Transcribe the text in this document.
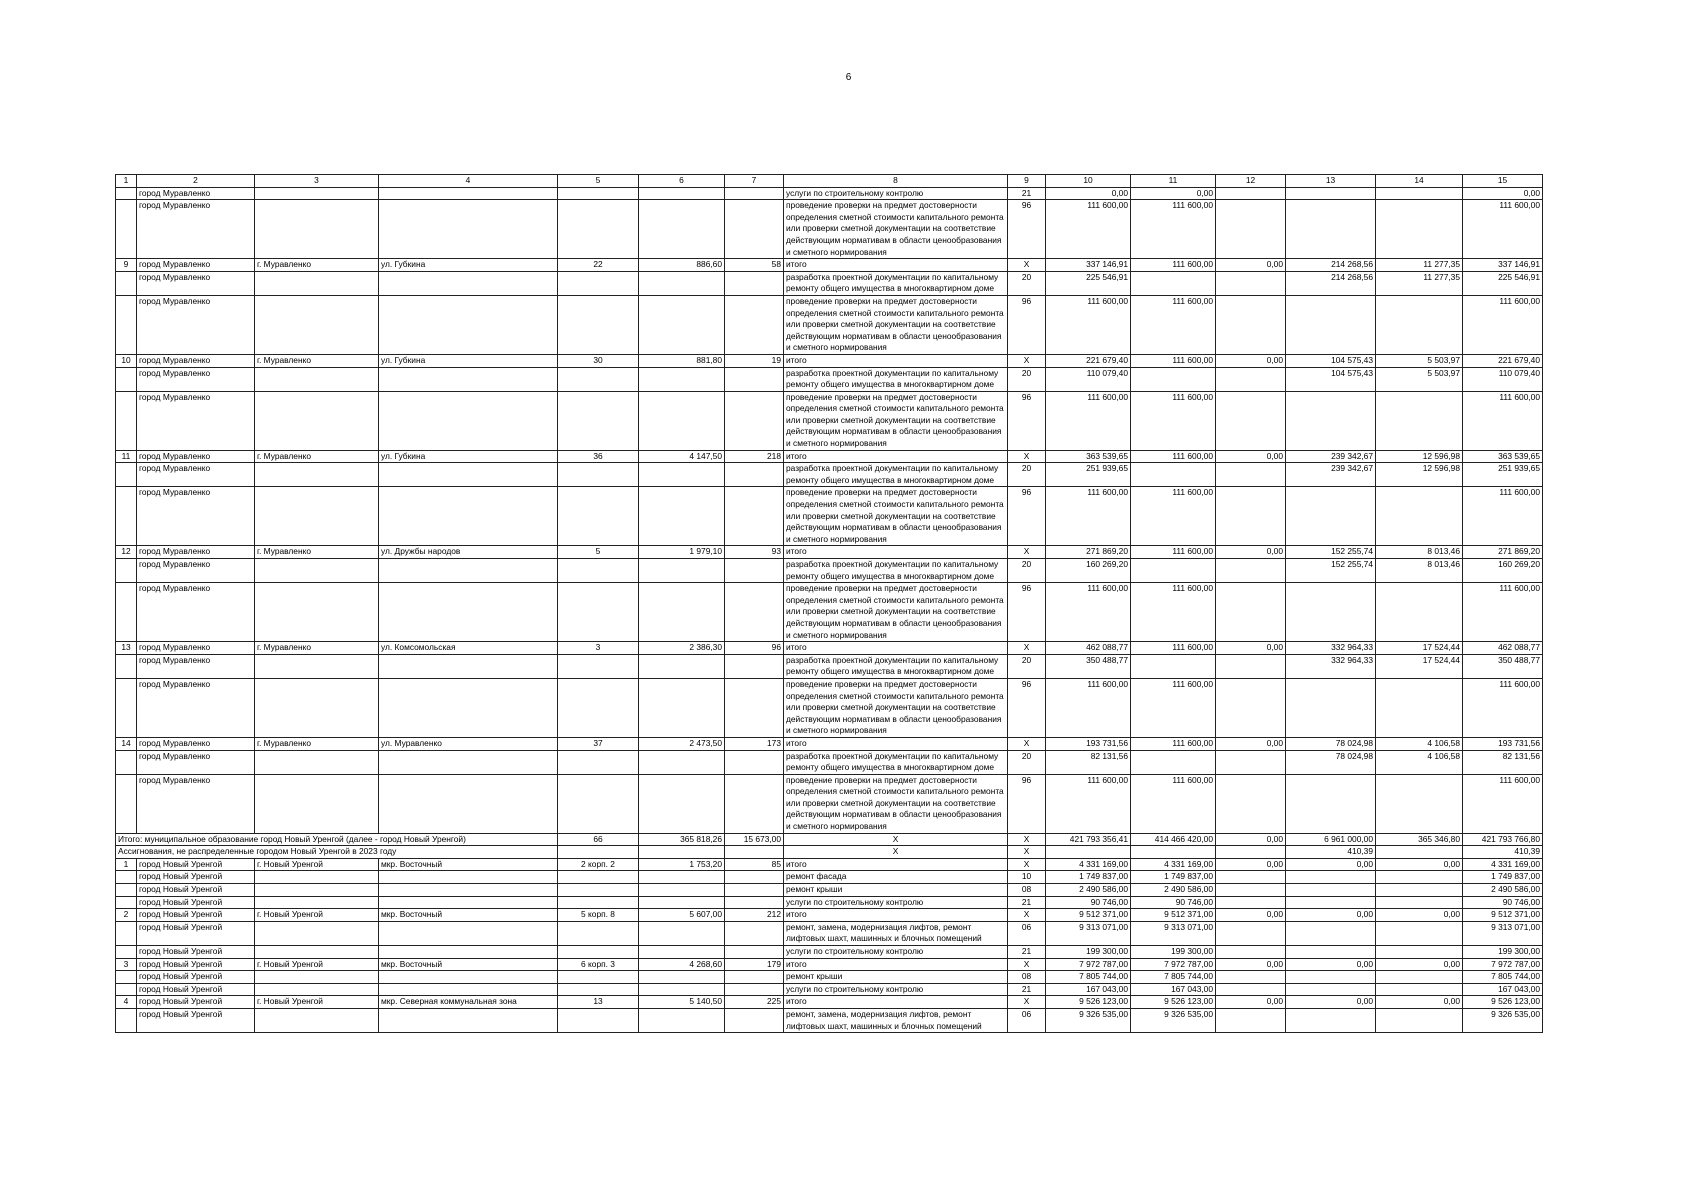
6
1	2	3	4	5	6	7	8	9	10	11	12	13	14	15
	город Муравленко						услуги по строительному контролю	21	0,00	0,00				0,00
	город Муравленко						проведение проверки на предмет достоверности определения сметной стоимости капитального ремонта или проверки сметной документации на соответствие действующим нормативам в области ценообразования и сметного нормирования	96	111 600,00	111 600,00				111 600,00
9	город Муравленко	г. Муравленко	ул. Губкина	22	886,60	58	итого	Х	337 146,91	111 600,00	0,00	214 268,56	11 277,35	337 146,91
	город Муравленко						разработка проектной документации по капитальному ремонту общего имущества в многоквартирном доме	20	225 546,91			214 268,56	11 277,35	225 546,91
	город Муравленко						проведение проверки на предмет достоверности определения сметной стоимости капитального ремонта или проверки сметной документации на соответствие действующим нормативам в области ценообразования и сметного нормирования	96	111 600,00	111 600,00				111 600,00
10	город Муравленко	г. Муравленко	ул. Губкина	30	881,80	19	итого	Х	221 679,40	111 600,00	0,00	104 575,43	5 503,97	221 679,40
	город Муравленко						разработка проектной документации по капитальному ремонту общего имущества в многоквартирном доме	20	110 079,40			104 575,43	5 503,97	110 079,40
	город Муравленко						проведение проверки на предмет достоверности определения сметной стоимости капитального ремонта или проверки сметной документации на соответствие действующим нормативам в области ценообразования и сметного нормирования	96	111 600,00	111 600,00				111 600,00
11	город Муравленко	г. Муравленко	ул. Губкина	36	4 147,50	218	итого	Х	363 539,65	111 600,00	0,00	239 342,67	12 596,98	363 539,65
	город Муравленко						разработка проектной документации по капитальному ремонту общего имущества в многоквартирном доме	20	251 939,65			239 342,67	12 596,98	251 939,65
	город Муравленко						проведение проверки на предмет достоверности определения сметной стоимости капитального ремонта или проверки сметной документации на соответствие действующим нормативам в области ценообразования и сметного нормирования	96	111 600,00	111 600,00				111 600,00
12	город Муравленко	г. Муравленко	ул. Дружбы народов	5	1 979,10	93	итого	Х	271 869,20	111 600,00	0,00	152 255,74	8 013,46	271 869,20
	город Муравленко						разработка проектной документации по капитальному ремонту общего имущества в многоквартирном доме	20	160 269,20			152 255,74	8 013,46	160 269,20
	город Муравленко						проведение проверки на предмет достоверности определения сметной стоимости капитального ремонта или проверки сметной документации на соответствие действующим нормативам в области ценообразования и сметного нормирования	96	111 600,00	111 600,00				111 600,00
13	город Муравленко	г. Муравленко	ул. Комсомольская	3	2 386,30	96	итого	Х	462 088,77	111 600,00	0,00	332 964,33	17 524,44	462 088,77
	город Муравленко						разработка проектной документации по капитальному ремонту общего имущества в многоквартирном доме	20	350 488,77			332 964,33	17 524,44	350 488,77
	город Муравленко						проведение проверки на предмет достоверности определения сметной стоимости капитального ремонта или проверки сметной документации на соответствие действующим нормативам в области ценообразования и сметного нормирования	96	111 600,00	111 600,00				111 600,00
14	город Муравленко	г. Муравленко	ул. Муравленко	37	2 473,50	173	итого	Х	193 731,56	111 600,00	0,00	78 024,98	4 106,58	193 731,56
	город Муравленко						разработка проектной документации по капитальному ремонту общего имущества в многоквартирном доме	20	82 131,56			78 024,98	4 106,58	82 131,56
	город Муравленко						проведение проверки на предмет достоверности определения сметной стоимости капитального ремонта или проверки сметной документации на соответствие действующим нормативам в области ценообразования и сметного нормирования	96	111 600,00	111 600,00				111 600,00
Итого: муниципальное образование город Новый Уренгой (далее - город Новый Уренгой)				66	365 818,26	15 673,00	Х	Х	421 793 356,41	414 466 420,00	0,00	6 961 000,00	365 346,80	421 793 766,80
Ассигнования, не распределенные городом Новый Уренгой в 2023 году							Х	Х				410,39		410,39
1	город Новый Уренгой	г. Новый Уренгой	мкр. Восточный	2 корп. 2	1 753,20	85	итого	Х	4 331 169,00	4 331 169,00	0,00	0,00	0,00	4 331 169,00
	город Новый Уренгой						ремонт фасада	10	1 749 837,00	1 749 837,00				1 749 837,00
	город Новый Уренгой						ремонт крыши	08	2 490 586,00	2 490 586,00				2 490 586,00
	город Новый Уренгой						услуги по строительному контролю	21	90 746,00	90 746,00				90 746,00
2	город Новый Уренгой	г. Новый Уренгой	мкр. Восточный	5 корп. 8	5 607,00	212	итого	Х	9 512 371,00	9 512 371,00	0,00	0,00	0,00	9 512 371,00
	город Новый Уренгой						ремонт, замена, модернизация лифтов, ремонт лифтовых шахт, машинных и блочных помещений	06	9 313 071,00	9 313 071,00				9 313 071,00
	город Новый Уренгой						услуги по строительному контролю	21	199 300,00	199 300,00				199 300,00
3	город Новый Уренгой	г. Новый Уренгой	мкр. Восточный	6 корп. 3	4 268,60	179	итого	Х	7 972 787,00	7 972 787,00	0,00	0,00	0,00	7 972 787,00
	город Новый Уренгой						ремонт крыши	08	7 805 744,00	7 805 744,00				7 805 744,00
	город Новый Уренгой						услуги по строительному контролю	21	167 043,00	167 043,00				167 043,00
4	город Новый Уренгой	г. Новый Уренгой	мкр. Северная коммунальная зона	13	5 140,50	225	итого	Х	9 526 123,00	9 526 123,00	0,00	0,00	0,00	9 526 123,00
	город Новый Уренгой						ремонт, замена, модернизация лифтов, ремонт лифтовых шахт, машинных и блочных помещений	06	9 326 535,00	9 326 535,00				9 326 535,00
